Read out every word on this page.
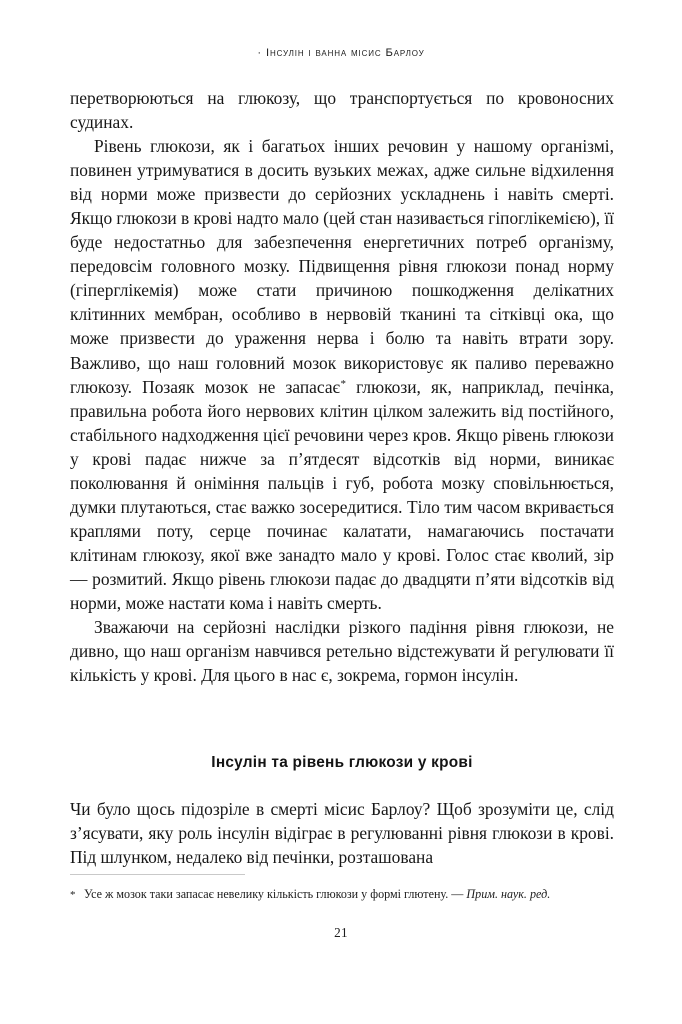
· Інсулін і ванна місис Барлоу

перетворюються на глюкозу, що транспортується по кровоносних судинах.

Рівень глюкози, як і багатьох інших речовин у нашому організмі, повинен утримуватися в досить вузьких межах, адже сильне відхилення від норми може призвести до серйозних ускладнень і навіть смерті. Якщо глюкози в крові надто мало (цей стан називається гіпоглікемією), її буде недостатньо для забезпечення енергетичних потреб організму, передовсім головного мозку. Підвищення рівня глюкози понад норму (гіперглікемія) може стати причиною пошкодження делікатних клітинних мембран, особливо в нервовій тканині та сітківці ока, що може призвести до ураження нерва і болю та навіть втрати зору. Важливо, що наш головний мозок використовує як паливо переважно глюкозу. Позаяк мозок не запасає* глюкози, як, наприклад, печінка, правильна робота його нервових клітин цілком залежить від постійного, стабільного надходження цієї речовини через кров. Якщо рівень глюкози у крові падає нижче за п’ятдесят відсотків від норми, виникає поколювання й оніміння пальців і губ, робота мозку сповільнюється, думки плутаються, стає важко зосередитися. Тіло тим часом вкривається краплями поту, серце починає калатати, намагаючись постачати клітинам глюкозу, якої вже занадто мало у крові. Голос стає кволий, зір — розмитий. Якщо рівень глюкози падає до двадцяти п’яти відсотків від норми, може настати кома і навіть смерть.

Зважаючи на серйозні наслідки різкого падіння рівня глюкози, не дивно, що наш організм навчився ретельно відстежувати й регулювати її кількість у крові. Для цього в нас є, зокрема, гормон інсулін.

Інсулін та рівень глюкози у крові

Чи було щось підозріле в смерті місис Барлоу? Щоб зрозуміти це, слід з’ясувати, яку роль інсулін відіграє в регулюванні рівня глюкози в крові. Під шлунком, недалеко від печінки, розташована

* Усе ж мозок таки запасає невелику кількість глюкози у формі глютену. — Прим. наук. ред.
21
